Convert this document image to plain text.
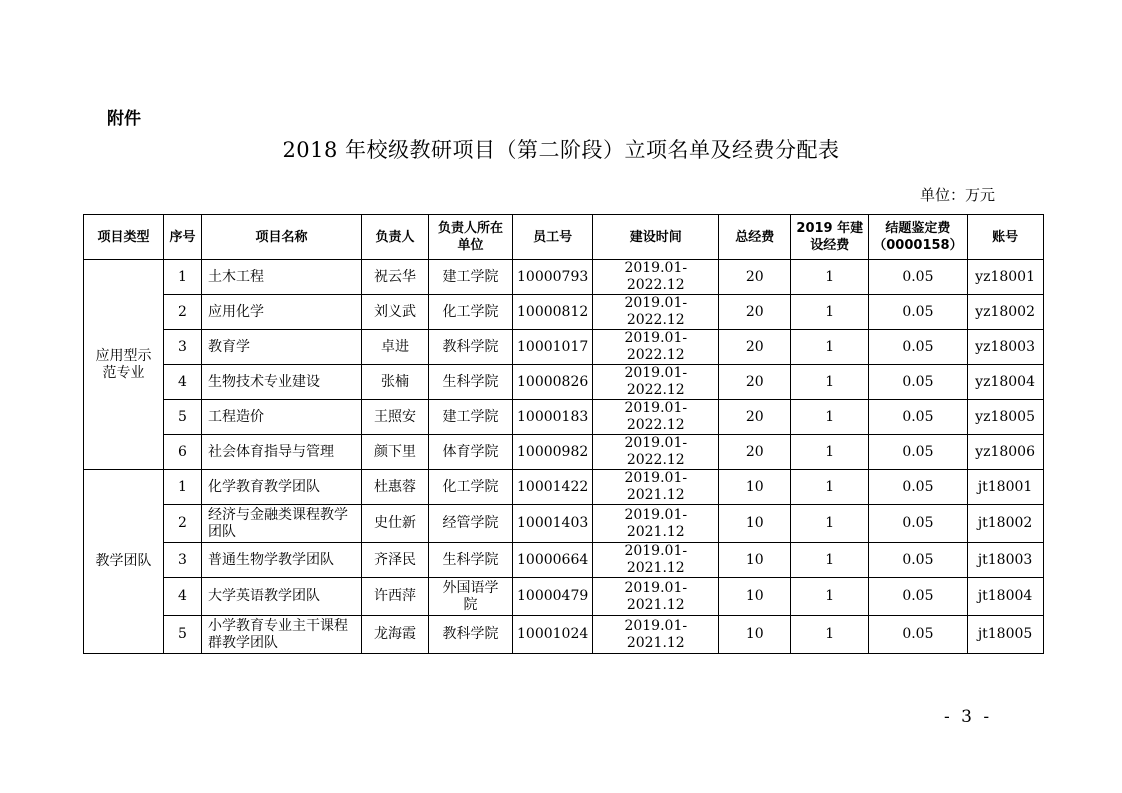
附件
2018 年校级教研项目（第二阶段）立项名单及经费分配表
单位：万元
项目类型	序号	项目名称	负责人	负责人所在单位	员工号	建设时间	总经费	2019 年建设经费	结题鉴定费（0000158）	账号
应用型示范专业	1	土木工程	祝云华	建工学院	10000793	2019.01-2022.12	20	1	0.05	yz18001
	2	应用化学	刘义武	化工学院	10000812	2019.01-2022.12	20	1	0.05	yz18002
	3	教育学	卓进	教科学院	10001017	2019.01-2022.12	20	1	0.05	yz18003
	4	生物技术专业建设	张楠	生科学院	10000826	2019.01-2022.12	20	1	0.05	yz18004
	5	工程造价	王照安	建工学院	10000183	2019.01-2022.12	20	1	0.05	yz18005
	6	社会体育指导与管理	颜下里	体育学院	10000982	2019.01-2022.12	20	1	0.05	yz18006
教学团队	1	化学教育教学团队	杜惠蓉	化工学院	10001422	2019.01-2021.12	10	1	0.05	jt18001
	2	经济与金融类课程教学团队	史仕新	经管学院	10001403	2019.01-2021.12	10	1	0.05	jt18002
	3	普通生物学教学团队	齐泽民	生科学院	10000664	2019.01-2021.12	10	1	0.05	jt18003
	4	大学英语教学团队	许西萍	外国语学院	10000479	2019.01-2021.12	10	1	0.05	jt18004
	5	小学教育专业主干课程群教学团队	龙海霞	教科学院	10001024	2019.01-2021.12	10	1	0.05	jt18005
- 3 -
